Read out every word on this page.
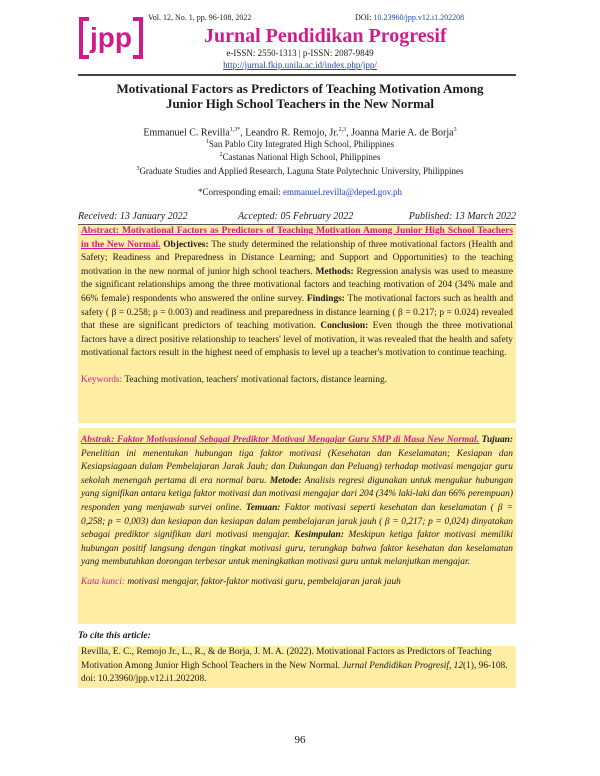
jpp
Vol. 12, No. 1, pp. 96-108, 2022	DOI: 10.23960/jpp.v12.i1.202208
Jurnal Pendidikan Progresif
e-ISSN: 2550-1313 | p-ISSN: 2087-9849
http://jurnal.fkip.unila.ac.id/index.php/jpp/
Motivational Factors as Predictors of Teaching Motivation Among
Junior High School Teachers in the New Normal
Emmanuel C. Revilla$^{1,3*}$, Leandro R. Remojo, Jr.$^{2,3}$, Joanna Marie A. de Borja$^3$
$^1$San Pablo City Integrated High School, Philippines
$^2$Castanas National High School, Philippines
$^3$Graduate Studies and Applied Research, Laguna State Polytechnic University, Philippines
*Corresponding email: emmanuel.revilla@deped.gov.ph
Received: 13 January 2022	Accepted: 05 February 2022	Published: 13 March 2022

Abstract: Motivational Factors as Predictors of Teaching Motivation Among Junior High School Teachers in the New Normal. Objectives: The study determined the relationship of three motivational factors (Health and Safety; Readiness and Preparedness in Distance Learning; and Support and Opportunities) to the teaching motivation in the new normal of junior high school teachers. Methods: Regression analysis was used to measure the significant relationships among the three motivational factors and teaching motivation of 204 (34% male and 66% female) respondents who answered the online survey. Findings: The motivational factors such as health and safety ( β = 0.258; p = 0.003) and readiness and preparedness in distance learning ( β = 0.217; p = 0.024) revealed that these are significant predictors of teaching motivation. Conclusion: Even though the three motivational factors have a direct positive relationship to teachers' level of motivation, it was revealed that the health and safety motivational factors result in the highest need of emphasis to level up a teacher's motivation to continue teaching.

Keywords: Teaching motivation, teachers' motivational factors, distance learning.

Abstrak: Faktor Motivasional Sebagai Prediktor Motivasi Mengajar Guru SMP di Masa New Normal. Tujuan: Penelitian ini menentukan hubungan tiga faktor motivasi (Kesehatan dan Keselamatan; Kesiapan dan Kesiapsiagaan dalam Pembelajaran Jarak Jauh; dan Dukungan dan Peluang) terhadap motivasi mengajar guru sekolah menengah pertama di era normal baru. Metode: Analisis regresi digunakan untuk mengukur hubungan yang signifikan antara ketiga faktor motivasi dan motivasi mengajar dari 204 (34% laki-laki dan 66% perempuan) responden yang menjawab survei online. Temuan: Faktor motivasi seperti kesehatan dan keselamatan ( β = 0,258; p = 0,003) dan kesiapan dan kesiapan dalam pembelajaran jarak jauh ( β = 0,217; p = 0,024) dinyatakan sebagai prediktor signifikan dari motivasi mengajar. Kesimpulan: Meskipun ketiga faktor motivasi memiliki hubungan positif langsung dengan tingkat motivasi guru, terungkap bahwa faktor kesehatan dan keselamatan yang membutuhkan dorongan terbesar untuk meningkatkan motivasi guru untuk melanjutkan mengajar.

Kata kunci: motivasi mengajar, faktor-faktor motivasi guru, pembelajaran jarak jauh

To cite this article:

Revilla, E. C., Remojo Jr., L., R., & de Borja, J. M. A. (2022). Motivational Factors as Predictors of Teaching Motivation Among Junior High School Teachers in the New Normal. Jurnal Pendidikan Progresif, 12(1), 96-108. doi: 10.23960/jpp.v12.i1.202208.

96
